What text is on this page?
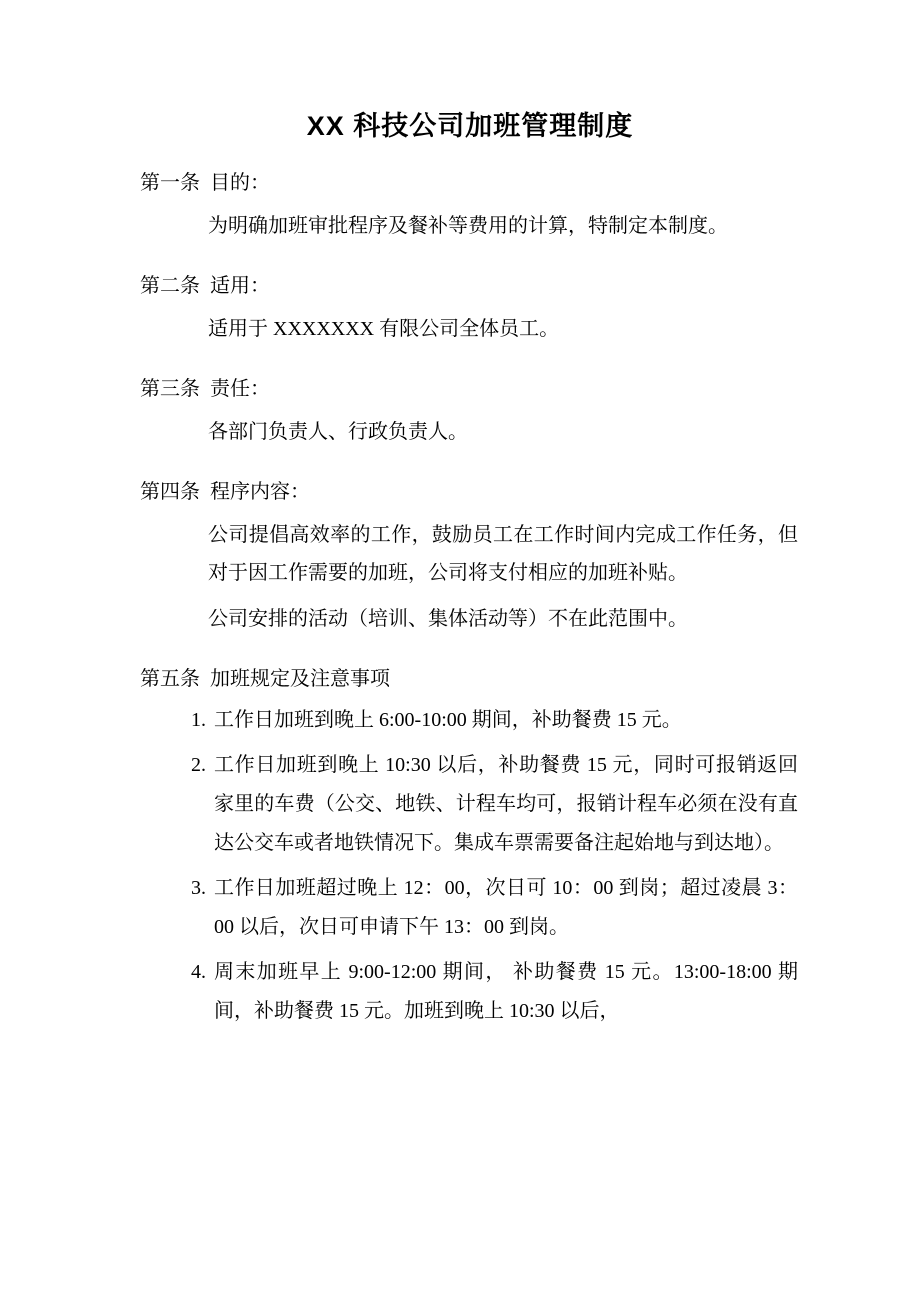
XX 科技公司加班管理制度
第一条 目的：
为明确加班审批程序及餐补等费用的计算，特制定本制度。
第二条 适用：
适用于 XXXXXXX 有限公司全体员工。
第三条 责任：
各部门负责人、行政负责人。
第四条 程序内容：
公司提倡高效率的工作，鼓励员工在工作时间内完成工作任务，但对于因工作需要的加班，公司将支付相应的加班补贴。
公司安排的活动（培训、集体活动等）不在此范围中。
第五条 加班规定及注意事项
1. 工作日加班到晚上 6:00-10:00 期间，补助餐费 15 元。
2. 工作日加班到晚上 10:30 以后，补助餐费 15 元，同时可报销返回家里的车费（公交、地铁、计程车均可，报销计程车必须在没有直达公交车或者地铁情况下。集成车票需要备注起始地与到达地）。
3. 工作日加班超过晚上 12：00，次日可 10：00 到岗；超过凌晨 3：00 以后，次日可申请下午 13：00 到岗。
4. 周末加班早上 9:00-12:00 期间， 补助餐费 15 元。13:00-18:00 期间，补助餐费 15 元。加班到晚上 10:30 以后，
